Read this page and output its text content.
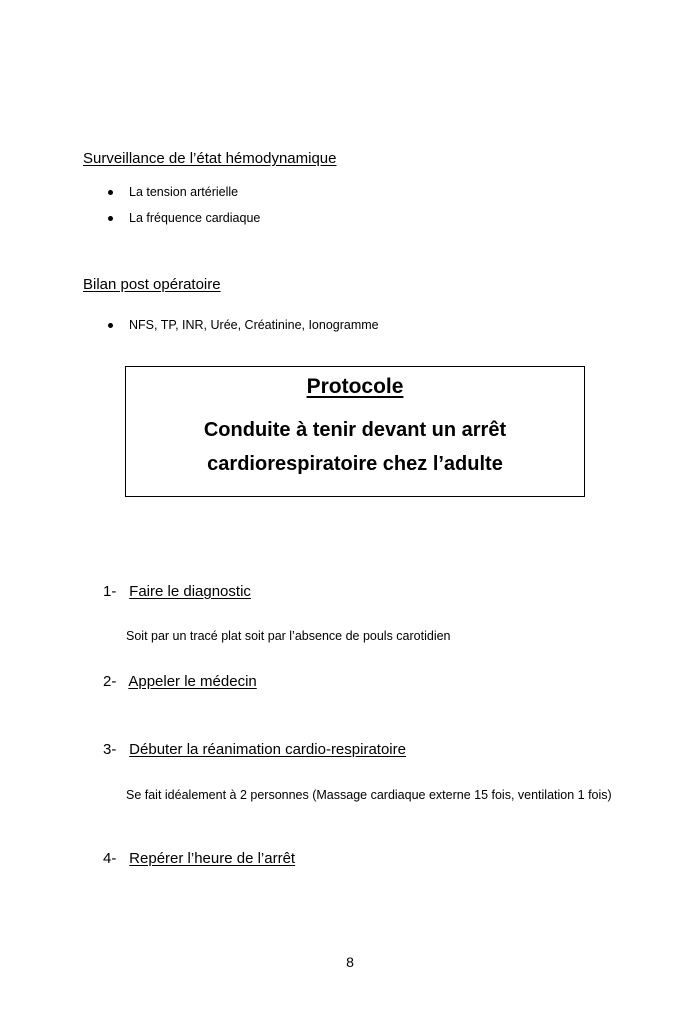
Surveillance de l’état hémodynamique
La tension artérielle
La fréquence cardiaque
Bilan post opératoire
NFS, TP, INR, Urée, Créatinine, Ionogramme
Protocole
Conduite à tenir devant un arrêt
cardiorespiratoire chez l’adulte
1- Faire le diagnostic
Soit par un tracé plat soit par l’absence de pouls carotidien
2- Appeler le médecin
3- Débuter la réanimation cardio-respiratoire
Se fait idéalement à 2 personnes (Massage cardiaque externe 15 fois, ventilation 1 fois)
4- Repérer l’heure de l’arrêt
8
